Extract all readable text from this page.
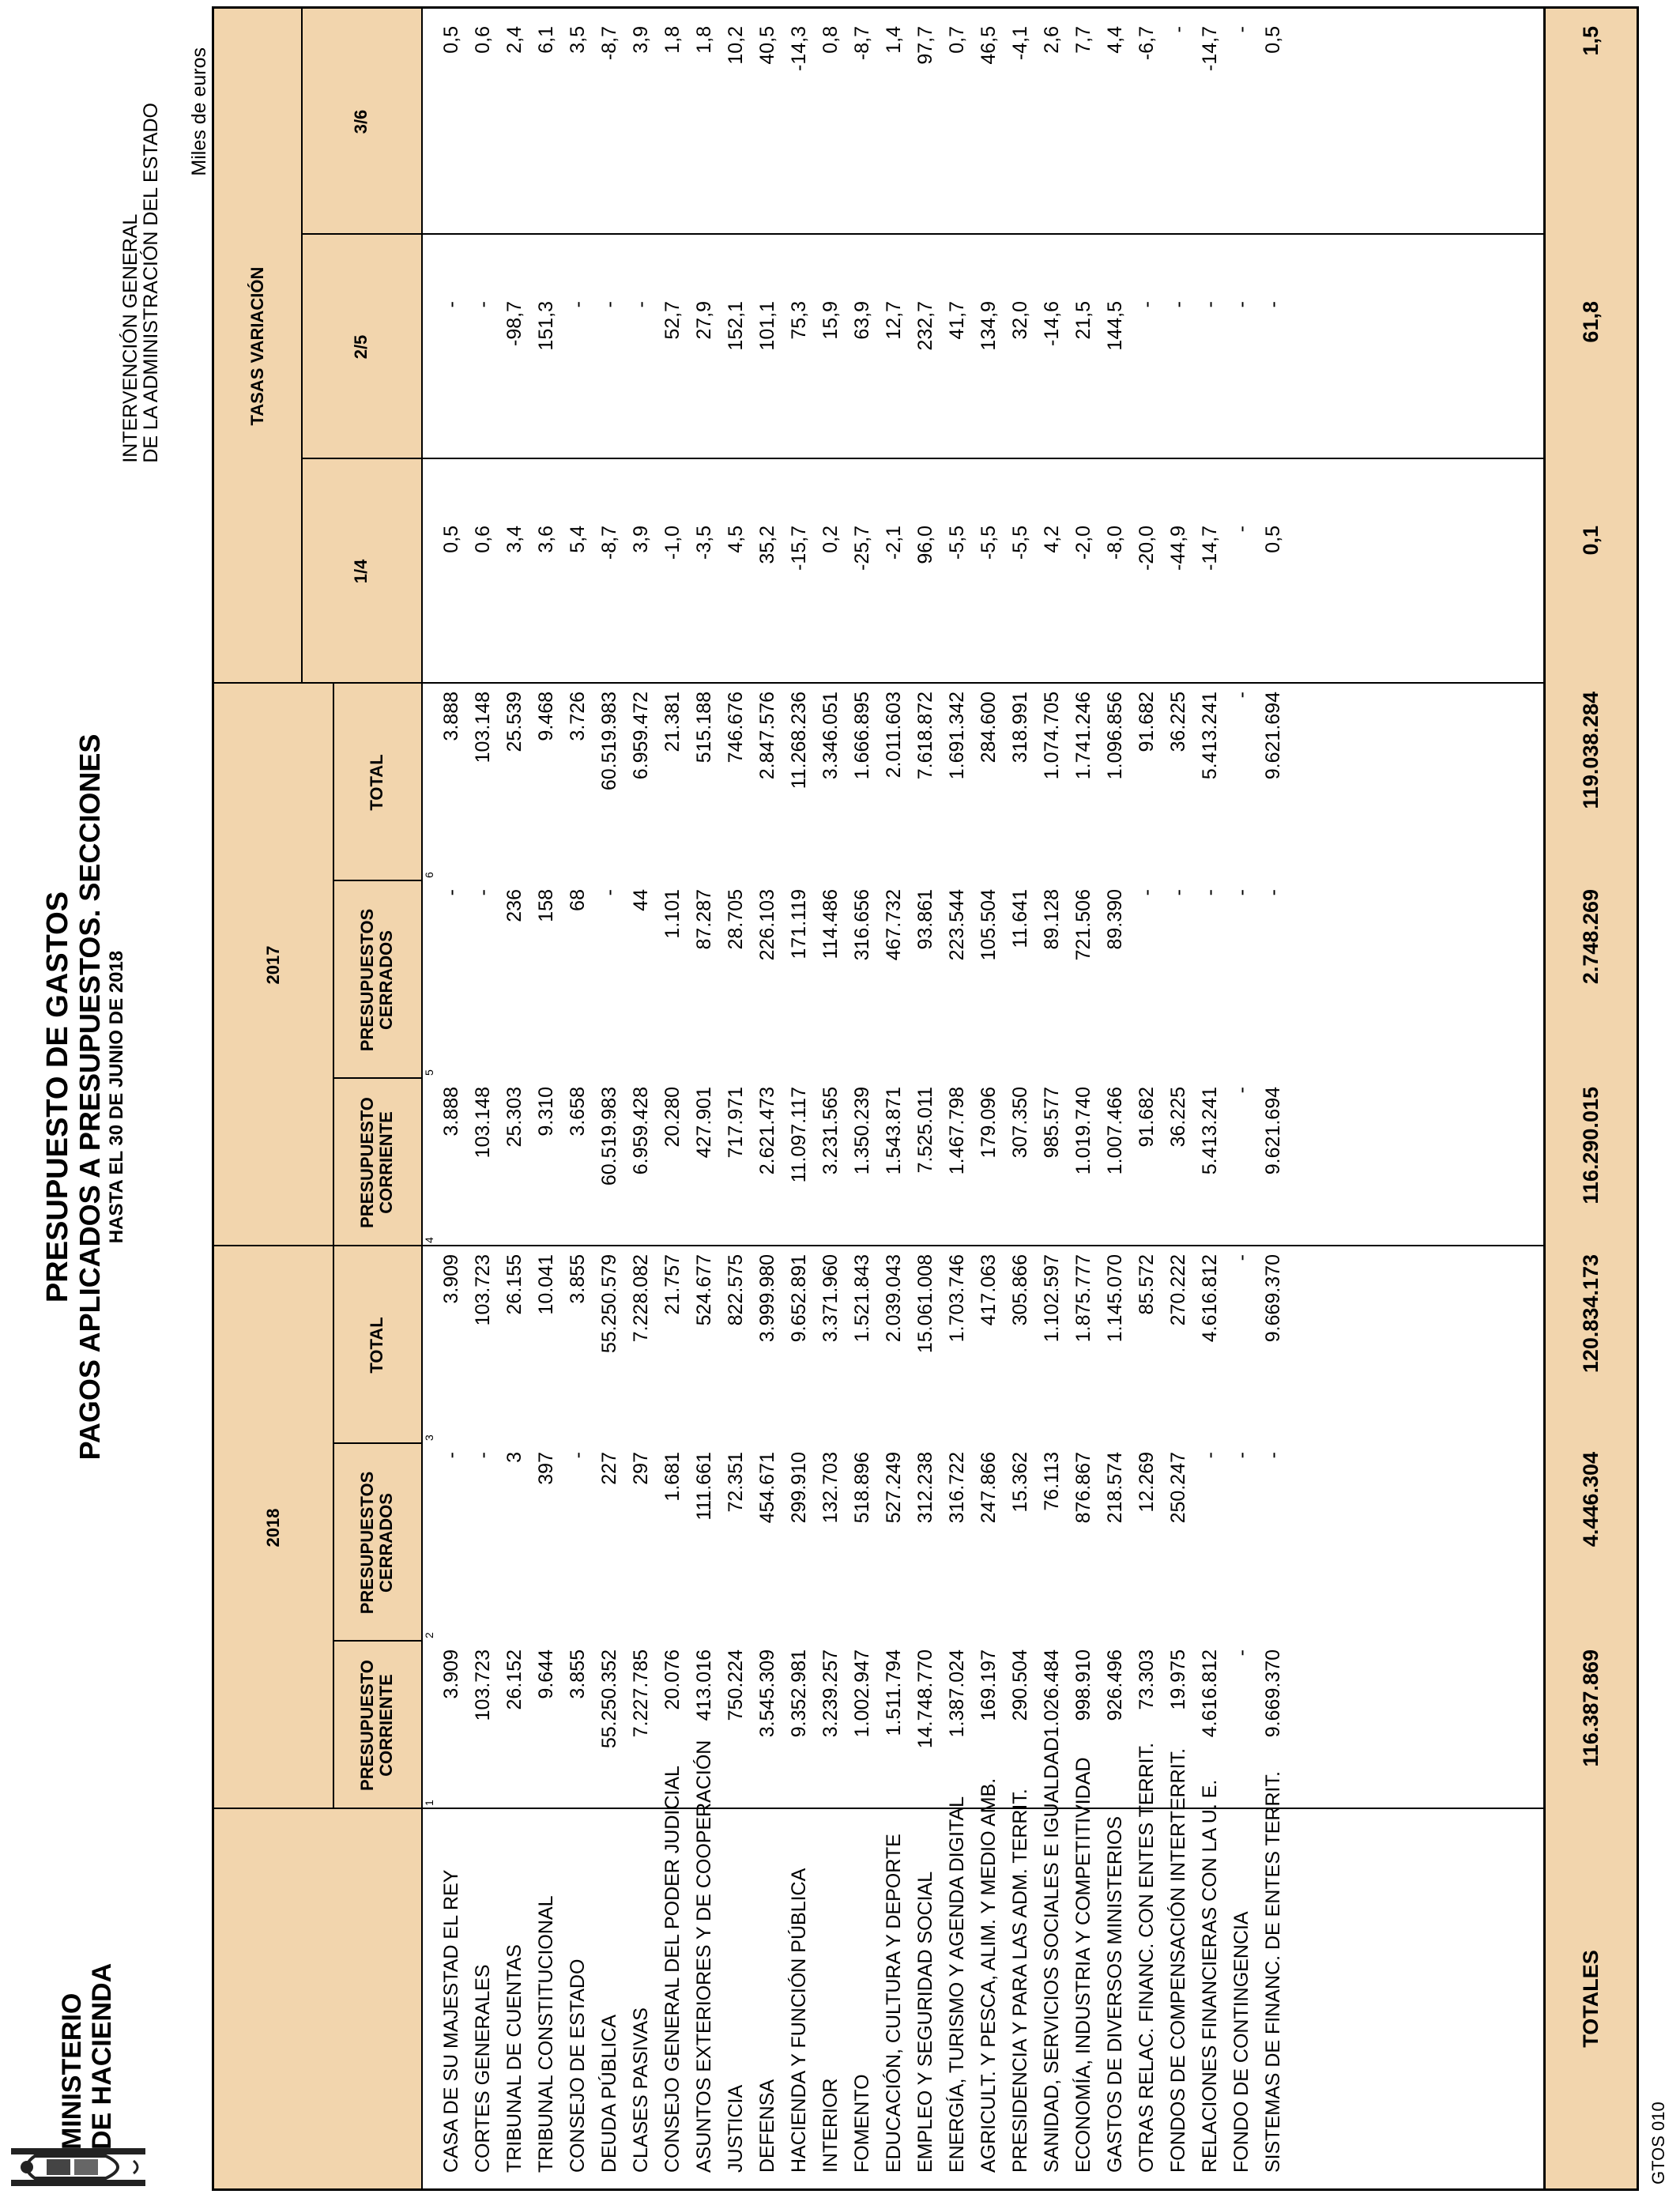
MINISTERIO DE HACIENDA
PRESUPUESTO DE GASTOS PAGOS APLICADOS A PRESUPUESTOS. SECCIONES HASTA EL 30 DE JUNIO DE 2018
INTERVENCIÓN GENERAL
DE LA ADMINISTRACIÓN DEL ESTADO Miles de euros
2018
2017
TASAS VARIACIÓN
PRESUPUESTO CORRIENTE
PRESUPUESTOS CERRADOS
TOTAL
PRESUPUESTO CORRIENTE
PRESUPUESTOS CERRADOS
TOTAL
1/4
2/5
3/6
1
2
3
4
5
6
CASA DE SU MAJESTAD EL REY
3.909
-
3.909
3.888
-
3.888
0,5
-
0,5
CORTES GENERALES
103.723
-
103.723
103.148
-
103.148
0,6
-
0,6
TRIBUNAL DE CUENTAS
26.152
3
26.155
25.303
236
25.539
3,4
-98,7
2,4
TRIBUNAL CONSTITUCIONAL
9.644
397
10.041
9.310
158
9.468
3,6
151,3
6,1
CONSEJO DE ESTADO
3.855
-
3.855
3.658
68
3.726
5,4
-
3,5
DEUDA PÚBLICA
55.250.352
227
55.250.579
60.519.983
-
60.519.983
-8,7
-
-8,7
CLASES PASIVAS
7.227.785
297
7.228.082
6.959.428
44
6.959.472
3,9
-
3,9
CONSEJO GENERAL DEL PODER JUDICIAL
20.076
1.681
21.757
20.280
1.101
21.381
-1,0
52,7
1,8
ASUNTOS EXTERIORES Y DE COOPERACIÓN
413.016
111.661
524.677
427.901
87.287
515.188
-3,5
27,9
1,8
JUSTICIA
750.224
72.351
822.575
717.971
28.705
746.676
4,5
152,1
10,2
DEFENSA
3.545.309
454.671
3.999.980
2.621.473
226.103
2.847.576
35,2
101,1
40,5
HACIENDA Y FUNCIÓN PÚBLICA
9.352.981
299.910
9.652.891
11.097.117
171.119
11.268.236
-15,7
75,3
-14,3
INTERIOR
3.239.257
132.703
3.371.960
3.231.565
114.486
3.346.051
0,2
15,9
0,8
FOMENTO
1.002.947
518.896
1.521.843
1.350.239
316.656
1.666.895
-25,7
63,9
-8,7
EDUCACIÓN, CULTURA Y DEPORTE
1.511.794
527.249
2.039.043
1.543.871
467.732
2.011.603
-2,1
12,7
1,4
EMPLEO Y SEGURIDAD SOCIAL
14.748.770
312.238
15.061.008
7.525.011
93.861
7.618.872
96,0
232,7
97,7
ENERGÍA, TURISMO Y AGENDA DIGITAL
1.387.024
316.722
1.703.746
1.467.798
223.544
1.691.342
-5,5
41,7
0,7
AGRICULT. Y PESCA, ALIM. Y MEDIO AMB.
169.197
247.866
417.063
179.096
105.504
284.600
-5,5
134,9
46,5
PRESIDENCIA Y PARA LAS ADM. TERRIT.
290.504
15.362
305.866
307.350
11.641
318.991
-5,5
32,0
-4,1
SANIDAD, SERVICIOS SOCIALES E IGUALDAD
1.026.484
76.113
1.102.597
985.577
89.128
1.074.705
4,2
-14,6
2,6
ECONOMÍA, INDUSTRIA Y COMPETITIVIDAD
998.910
876.867
1.875.777
1.019.740
721.506
1.741.246
-2,0
21,5
7,7
GASTOS DE DIVERSOS MINISTERIOS
926.496
218.574
1.145.070
1.007.466
89.390
1.096.856
-8,0
144,5
4,4
OTRAS RELAC. FINANC. CON ENTES TERRIT.
73.303
12.269
85.572
91.682
-
91.682
-20,0
-
-6,7
FONDOS DE COMPENSACIÓN INTERTERRIT.
19.975
250.247
270.222
36.225
-
36.225
-44,9
-
-
RELACIONES FINANCIERAS CON LA U. E.
4.616.812
-
4.616.812
5.413.241
-
5.413.241
-14,7
-
-14,7
FONDO DE CONTINGENCIA
-
-
-
-
-
-
-
-
-
SISTEMAS DE FINANC. DE ENTES TERRIT.
9.669.370
-
9.669.370
9.621.694
-
9.621.694
0,5
-
0,5
TOTALES
116.387.869
4.446.304
120.834.173
116.290.015
2.748.269
119.038.284
0,1
61,8
1,5
GTOS 010
